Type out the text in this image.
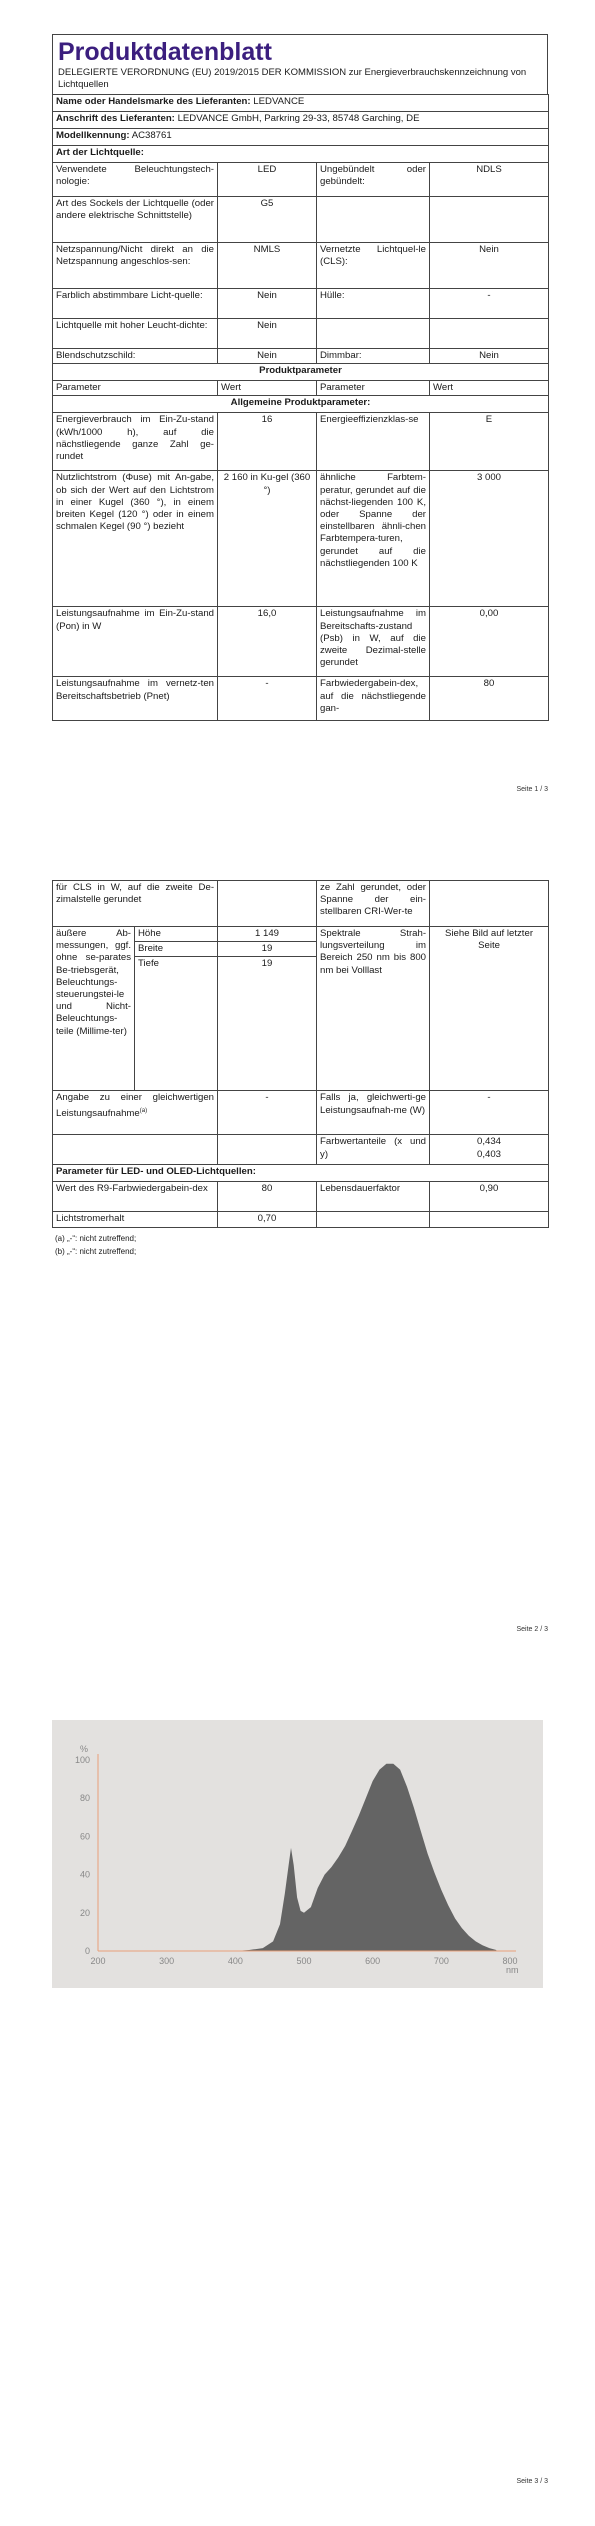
Produktdatenblatt
DELEGIERTE VERORDNUNG (EU) 2019/2015 DER KOMMISSION zur Energieverbrauchskennzeichnung von Lichtquellen
Name oder Handelsmarke des Lieferanten: LEDVANCE			
Anschrift des Lieferanten: LEDVANCE GmbH, Parkring 29-33, 85748 Garching, DE			
Modellkennung: AC38761			
Art der Lichtquelle:			
Verwendete Beleuchtungstech-nologie:	LED	Ungebündelt oder gebündelt:	NDLS
Art des Sockels der Lichtquelle (oder andere elektrische Schnittstelle)	G5		
Netzspannung/Nicht direkt an die Netzspannung angeschlos-sen:	NMLS	Vernetzte Lichtquel-le (CLS):	Nein
Farblich abstimmbare Licht-quelle:	Nein	Hülle:	-
Lichtquelle mit hoher Leucht-dichte:	Nein		
Blendschutzschild:	Nein	Dimmbar:	Nein
Produktparameter			
Parameter	Wert	Parameter	Wert
Allgemeine Produktparameter:			
Energieverbrauch im Ein-Zu-stand (kWh/1000 h), auf die nächstliegende ganze Zahl ge-rundet	16	Energieeffizienzklas-se	E
Nutzlichtstrom (Φuse) mit An-gabe, ob sich der Wert auf den Lichtstrom in einer Kugel (360 °), in einem breiten Kegel (120 °) oder in einem schmalen Kegel (90 °) bezieht	2 160 in Ku-gel (360 °)	ähnliche Farbtem-peratur, gerundet auf die nächst-liegenden 100 K, oder Spanne der einstellbaren ähnli-chen Farbtempera-turen, gerundet auf die nächstliegenden 100 K	3 000
Leistungsaufnahme im Ein-Zu-stand (Pon) in W	16,0	Leistungsaufnahme im Bereitschafts-zustand (Psb) in W, auf die zweite Dezimal-stelle gerundet	0,00
Leistungsaufnahme im vernetz-ten Bereitschaftsbetrieb (Pnet)	-	Farbwiedergabein-dex, auf die nächstliegende gan-	80
Seite 1 / 3
für CLS in W, auf die zweite De-zimalstelle gerundet			ze Zahl gerundet, oder Spanne der ein-stellbaren CRI-Wer-te	
äußere Ab-messungen, ggf. ohne se-parates Be-triebsgerät, Beleuchtungs-steuerungstei-le und Nicht-Beleuchtungs-teile (Millime-ter)	Höhe	1 149	Spektrale Strah-lungsverteilung im Bereich 250 nm bis 800 nm bei Volllast	Siehe Bild auf letzter Seite
	Breite	19		
	Tiefe	19		
Angabe zu einer gleichwertigen Leistungsaufnahme$^{(a)}$		-	Falls ja, gleichwerti-ge Leistungsaufnah-me (W)	-
			Farbwertanteile (x und y)	0,434
0,403
Parameter für LED- und OLED-Lichtquellen:				
Wert des R9-Farbwiedergabein-dex		80	Lebensdauerfaktor	0,90
Lichtstromerhalt		0,70		
(a) „-“: nicht zutreffend;
(b) „-“: nicht zutreffend;
Seite 2 / 3
0
20
40
60
80
100
200	300	400	500	600	700	800
%
nm
Seite 3 / 3
